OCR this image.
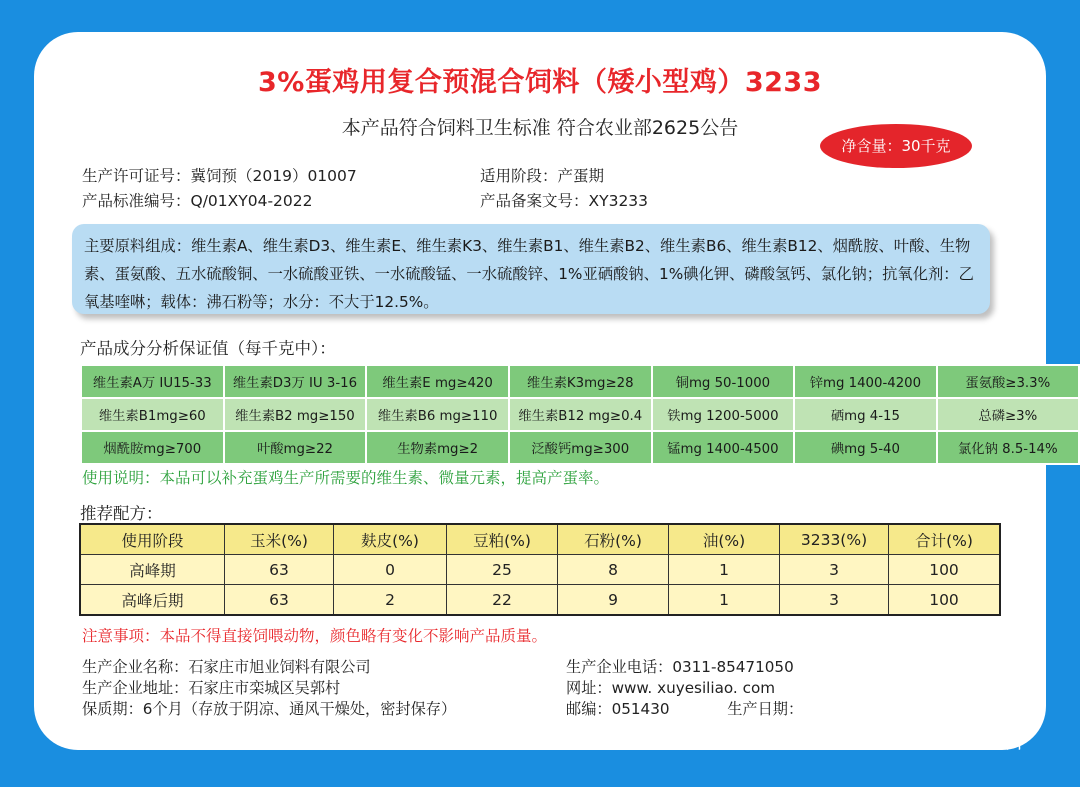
3%蛋鸡用复合预混合饲料（矮小型鸡）3233
本产品符合饲料卫生标准 符合农业部2625公告
净含量：30千克
生产许可证号：冀饲预（2019）01007
产品标准编号：Q/01XY04-2022
适用阶段：产蛋期
产品备案文号：XY3233
主要原料组成：维生素A、维生素D3、维生素E、维生素K3、维生素B1、维生素B2、维生素B6、维生素B12、烟酰胺、叶酸、生物素、蛋氨酸、五水硫酸铜、一水硫酸亚铁、一水硫酸锰、一水硫酸锌、1%亚硒酸钠、1%碘化钾、磷酸氢钙、氯化钠；抗氧化剂：乙氧基喹啉；载体：沸石粉等；水分：不大于12.5%。
产品成分分析保证值（每千克中）：
维生素A万 IU15-33	维生素D3万 IU 3-16	维生素E mg≥420	维生素K3mg≥28	铜mg 50-1000	锌mg 1400-4200	蛋氨酸≥3.3%
维生素B1mg≥60	维生素B2 mg≥150	维生素B6 mg≥110	维生素B12 mg≥0.4	铁mg 1200-5000	硒mg 4-15	总磷≥3%
烟酰胺mg≥700	叶酸mg≥22	生物素mg≥2	泛酸钙mg≥300	锰mg 1400-4500	碘mg 5-40	氯化钠 8.5-14%
使用说明：本品可以补充蛋鸡生产所需要的维生素、微量元素，提高产蛋率。
推荐配方：
使用阶段	玉米(%)	麸皮(%)	豆粕(%)	石粉(%)	油(%)	3233(%)	合计(%)
高峰期	63	0	25	8	1	3	100
高峰后期	63	2	22	9	1	3	100
注意事项：本品不得直接饲喂动物，颜色略有变化不影响产品质量。
生产企业名称：石家庄市旭业饲料有限公司
生产企业地址：石家庄市栾城区吴郭村
保质期：6个月（存放于阴凉、通风干燥处，密封保存）
生产企业电话：0311-85471050
网址：www. xuyesiliao. com
邮编：051430	生产日期：
旭业饲料
